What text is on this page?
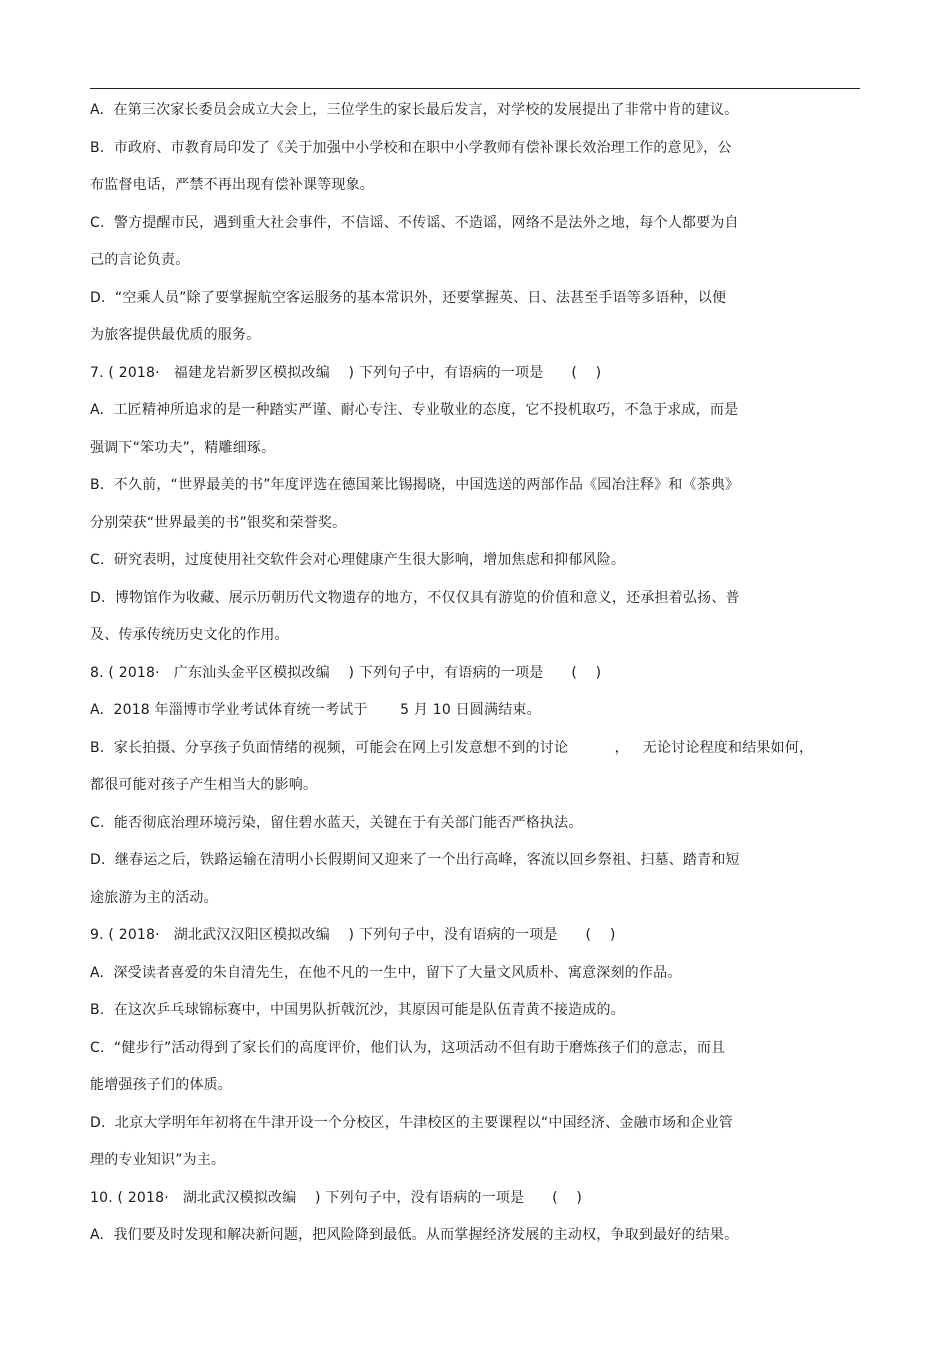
A.  在第三次家长委员会成立大会上，三位学生的家长最后发言，对学校的发展提出了非常中肯的建议。
B.  市政府、市教育局印发了《关于加强中小学校和在职中小学教师有偿补课长效治理工作的意见》，公
布监督电话，严禁不再出现有偿补课等现象。
C.  警方提醒市民，遇到重大社会事件，不信谣、不传谣、不造谣，网络不是法外之地，每个人都要为自
己的言论负责。
D.  “空乘人员”除了要掌握航空客运服务的基本常识外，还要掌握英、日、法甚至手语等多语种，以便
为旅客提供最优质的服务。
7. ( 2018·   福建龙岩新罗区模拟改编    ) 下列句子中，有语病的一项是      (    )
A.  工匠精神所追求的是一种踏实严谨、耐心专注、专业敬业的态度，它不投机取巧，不急于求成，而是
强调下“笨功夫”，精雕细琢。
B.  不久前，“世界最美的书”年度评选在德国莱比锡揭晓，中国选送的两部作品《园冶注释》和《茶典》
分别荣获“世界最美的书”银奖和荣誉奖。
C.  研究表明，过度使用社交软件会对心理健康产生很大影响，增加焦虑和抑郁风险。
D.  博物馆作为收藏、展示历朝历代文物遗存的地方，不仅仅具有游览的价值和意义，还承担着弘扬、普
及、传承传统历史文化的作用。
8. ( 2018·   广东汕头金平区模拟改编    ) 下列句子中，有语病的一项是      (    )
A.  2018 年淄博市学业考试体育统一考试于       5 月 10 日圆满结束。
B.  家长拍摄、分享孩子负面情绪的视频，可能会在网上引发意想不到的讨论          ，   无论讨论程度和结果如何，
都很可能对孩子产生相当大的影响。
C.  能否彻底治理环境污染，留住碧水蓝天，关键在于有关部门能否严格执法。
D.  继春运之后，铁路运输在清明小长假期间又迎来了一个出行高峰，客流以回乡祭祖、扫墓、踏青和短
途旅游为主的活动。
9. ( 2018·   湖北武汉汉阳区模拟改编    ) 下列句子中，没有语病的一项是      (    )
A.  深受读者喜爱的朱自清先生，在他不凡的一生中，留下了大量文风质朴、寓意深刻的作品。
B.  在这次乒乓球锦标赛中，中国男队折戟沉沙，其原因可能是队伍青黄不接造成的。
C.  “健步行”活动得到了家长们的高度评价，他们认为，这项活动不但有助于磨炼孩子们的意志，而且
能增强孩子们的体质。
D.  北京大学明年年初将在牛津开设一个分校区，牛津校区的主要课程以“中国经济、金融市场和企业管
理的专业知识”为主。
10. ( 2018·   湖北武汉模拟改编    ) 下列句子中，没有语病的一项是      (    )
A.  我们要及时发现和解决新问题，把风险降到最低。从而掌握经济发展的主动权，争取到最好的结果。
